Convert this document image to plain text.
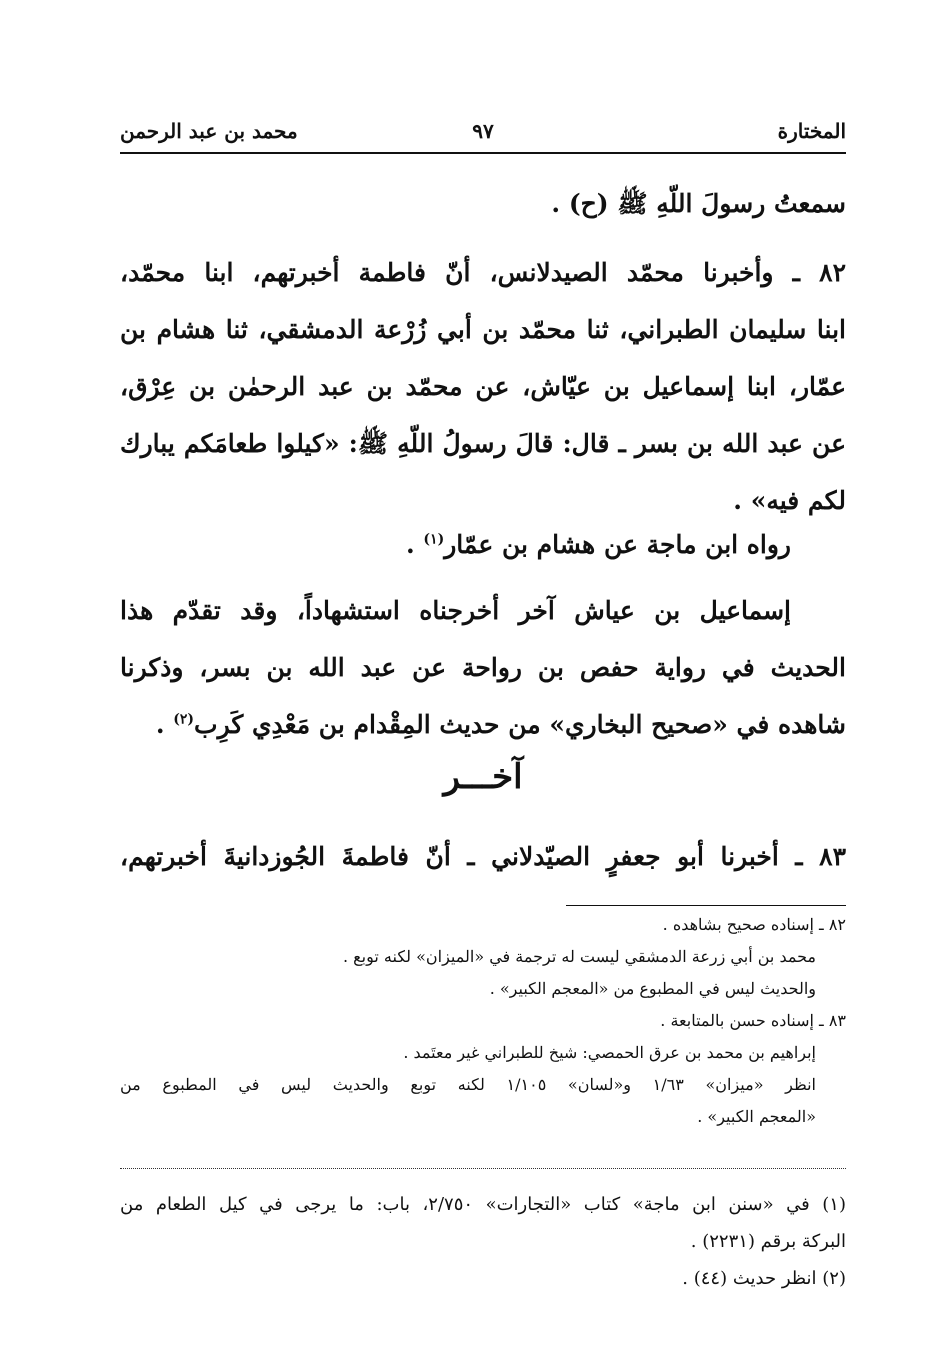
المختارة
٩٧
محمد بن عبد الرحمن
سمعتُ رسولَ اللّهِ ﷺ (ح) .
٨٢ ـ وأخبرنا محمّد الصيدلانس، أنّ فاطمة أخبرتهم، ابنا محمّد،
ابنا سليمان الطبراني، ثنا محمّد بن أبي زُرْعة الدمشقي، ثنا هشام بن
عمّار، ابنا إسماعيل بن عيّاش، عن محمّد بن عبد الرحمٰن بن عِرْق،
عن عبد الله بن بسر ـ قال: قالَ رسولُ اللّهِ ﷺ: «كيلوا طعامَكم يبارك
لكم فيه» .
رواه ابن ماجة عن هشام بن عمّار$^{(١)}$ .
إسماعيل بن عياش آخر أخرجناه استشهاداً، وقد تقدّم هذا
الحديث في رواية حفص بن رواحة عن عبد الله بن بسر، وذكرنا
شاهده في «صحيح البخاري» من حديث المِقْدام بن مَعْدِي كَرِب$^{(٢)}$ .
آخـــر
٨٣ ـ أخبرنا أبو جعفرٍ الصيّدلاني ـ أنّ فاطمةَ الجُوزدانيةَ أخبرتهم،
٨٢ ـ إسناده صحيح بشاهده .
محمد بن أبي زرعة الدمشقي ليست له ترجمة في «الميزان» لكنه توبع .
والحديث ليس في المطبوع من «المعجم الكبير» .
٨٣ ـ إسناده حسن بالمتابعة .
إبراهيم بن محمد بن عرق الحمصي: شيخ للطبراني غير معتَمد .
انظر «ميزان» ١/٦٣ و«لسان» ١/١٠٥ لكنه توبع والحديث ليس في المطبوع من
«المعجم الكبير» .
(١) في «سنن ابن ماجة» كتاب «التجارات» ٢/٧٥٠، باب: ما يرجى في كيل الطعام من
البركة برقم (٢٢٣١) .
(٢) انظر حديث (٤٤) .
